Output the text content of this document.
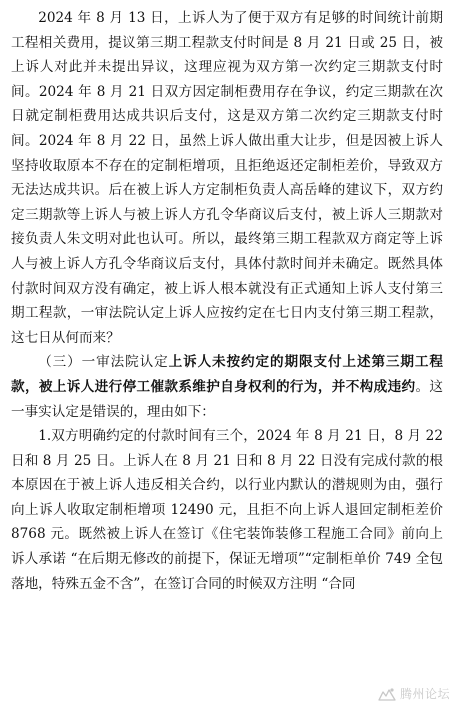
2024 年 8 月 13 日，上诉人为了便于双方有足够的时间统计前期工程相关费用，提议第三期工程款支付时间是 8 月 21 日或 25 日，被上诉人对此并未提出异议，这理应视为双方第一次约定三期款支付时间。2024 年 8 月 21 日双方因定制柜费用存在争议，约定三期款在次日就定制柜费用达成共识后支付，这是双方第二次约定三期款支付时间。2024 年 8 月 22 日，虽然上诉人做出重大让步，但是因被上诉人坚持收取原本不存在的定制柜增项，且拒绝返还定制柜差价，导致双方无法达成共识。后在被上诉人方定制柜负责人高岳峰的建议下，双方约定三期款等上诉人与被上诉人方孔令华商议后支付，被上诉人三期款对接负责人朱文明对此也认可。所以，最终第三期工程款双方商定等上诉人与被上诉人方孔令华商议后支付，具体付款时间并未确定。既然具体付款时间双方没有确定，被上诉人根本就没有正式通知上诉人支付第三期工程款，一审法院认定上诉人应按约定在七日内支付第三期工程款，这七日从何而来？

（三）一审法院认定上诉人未按约定的期限支付上述第三期工程款，被上诉人进行停工催款系维护自身权利的行为，并不构成违约。这一事实认定是错误的，理由如下：

1.双方明确约定的付款时间有三个，2024 年 8 月 21 日，8 月 22 日和 8 月 25 日。上诉人在 8 月 21 日和 8 月 22 日没有完成付款的根本原因在于被上诉人违反相关合约，以行业内默认的潜规则为由，强行向上诉人收取定制柜增项 12490 元，且拒不向上诉人退回定制柜差价 8768 元。既然被上诉人在签订《住宅装饰装修工程施工合同》前向上诉人承诺 “在后期无修改的前提下，保证无增项”“定制柜单价 749 全包落地，特殊五金不含”，在签订合同的时候双方注明 “合同

腾州论坛
